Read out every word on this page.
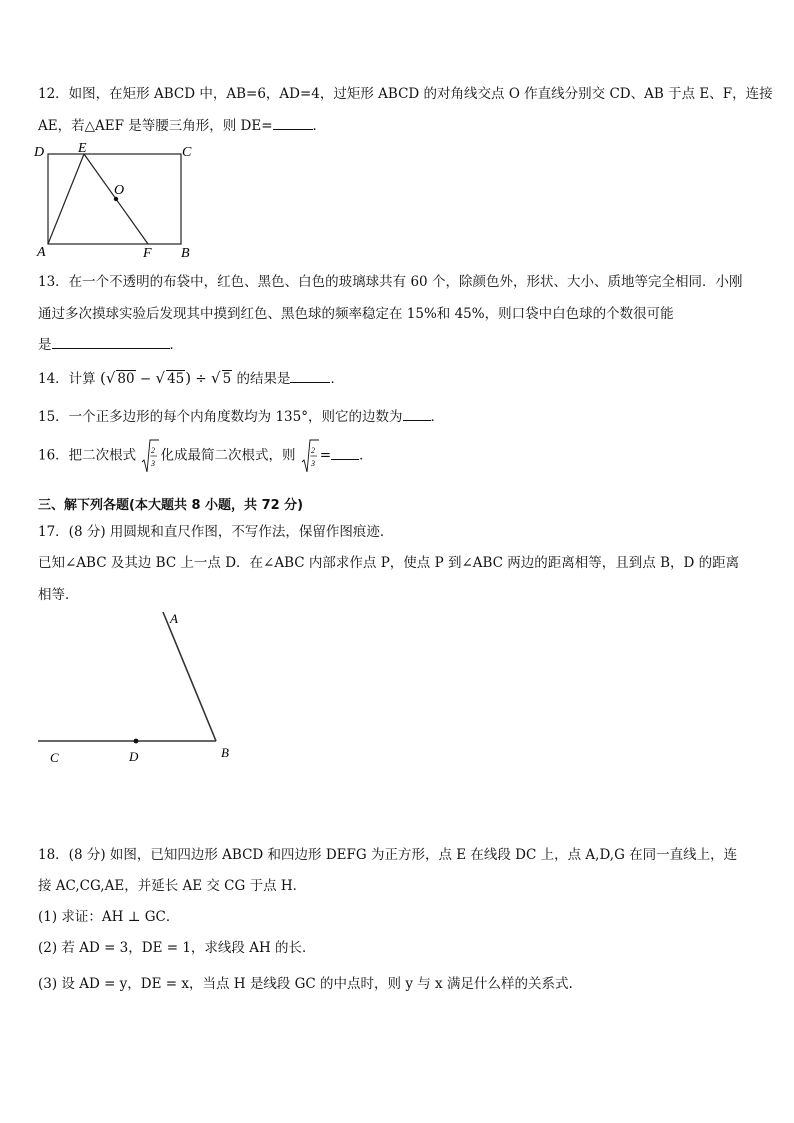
12．如图，在矩形 ABCD 中，AB=6，AD=4，过矩形 ABCD 的对角线交点 O 作直线分别交 CD、AB 于点 E、F，连接
AE，若△AEF 是等腰三角形，则 DE=	．
D E	C
O
A	F B
13．在一个不透明的布袋中，红色、黑色、白色的玻璃球共有 60 个，除颜色外，形状、大小、质地等完全相同．小刚
通过多次摸球实验后发现其中摸到红色、黑色球的频率稳定在 15%和 45%，则口袋中白色球的个数很可能
是	．
14．计算 (√ 80 − √ 45) ÷ √ 5 的结果是	．
15．一个正多边形的每个内角度数均为 135°，则它的边数为 ．
16．把二次根式 2
3 化成最简二次根式，则 2
3 = ．
三、解下列各题(本大题共 8 小题，共 72 分)
17．(8 分) 用圆规和直尺作图，不写作法，保留作图痕迹．
已知∠ABC 及其边 BC 上一点 D．在∠ABC 内部求作点 P，使点 P 到∠ABC 两边的距离相等，且到点 B，D 的距离
相等．
A
C	D	B
18．(8 分) 如图，已知四边形 ABCD 和四边形 DEFG 为正方形，点 E 在线段 DC 上，点 A,D,G 在同一直线上，连
接 AC,CG,AE，并延长 AE 交 CG 于点 H．
(1) 求证：AH ⊥ GC．
(2) 若 AD = 3，DE = 1，求线段 AH 的长．
(3) 设 AD = y，DE = x，当点 H 是线段 GC 的中点时，则 y 与 x 满足什么样的关系式.
